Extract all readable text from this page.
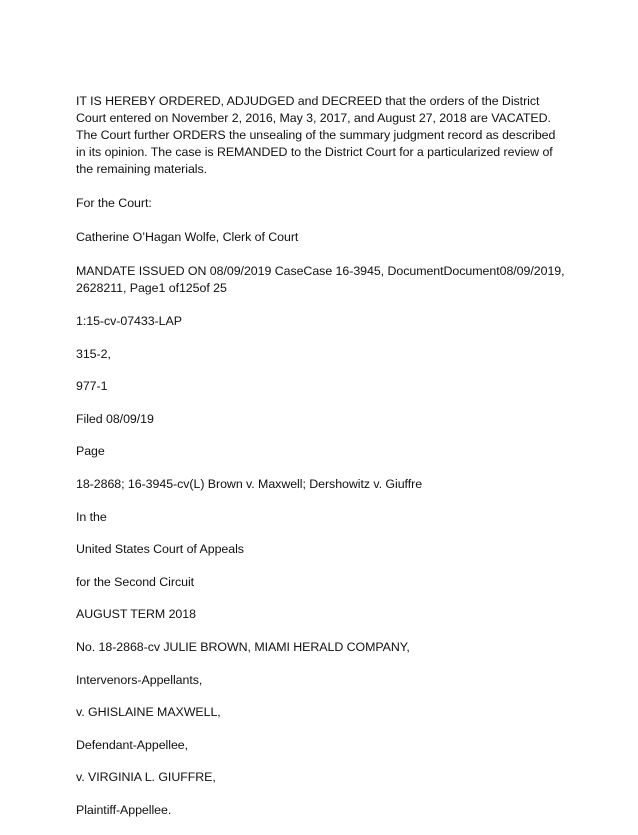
IT IS HEREBY ORDERED, ADJUDGED and DECREED that the orders of the District Court entered on November 2, 2016, May 3, 2017, and August 27, 2018 are VACATED. The Court further ORDERS the unsealing of the summary judgment record as described in its opinion. The case is REMANDED to the District Court for a particularized review of the remaining materials.

For the Court:

Catherine O’Hagan Wolfe, Clerk of Court

MANDATE ISSUED ON 08/09/2019 CaseCase 16-3945, DocumentDocument08/09/2019, 2628211, Page1 of125of 25

1:15-cv-07433-LAP

315-2,

977-1

Filed 08/09/19

Page

18-2868; 16-3945-cv(L) Brown v. Maxwell; Dershowitz v. Giuffre

In the

United States Court of Appeals

for the Second Circuit

AUGUST TERM 2018

No. 18-2868-cv JULIE BROWN, MIAMI HERALD COMPANY,

Intervenors-Appellants,

v. GHISLAINE MAXWELL,

Defendant-Appellee,

v. VIRGINIA L. GIUFFRE,

Plaintiff-Appellee.
